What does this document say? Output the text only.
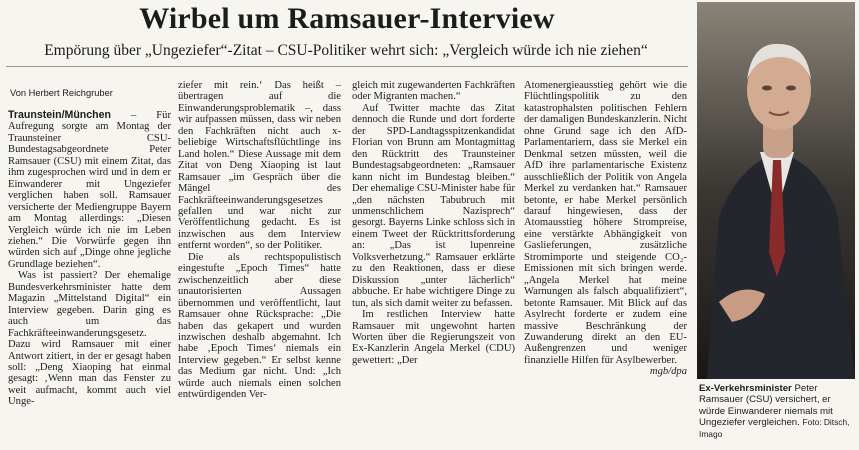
Wirbel um Ramsauer-Interview

Empörung über „Ungeziefer“-Zitat – CSU-Politiker wehrt sich: „Vergleich würde ich nie ziehen“

Von Herbert Reichgruber

Traunstein/München – Für Aufregung sorgte am Montag der Traunsteiner CSU-Bundestagsabgeordnete Peter Ramsauer (CSU) mit einem Zitat, das ihm zugesprochen wird und in dem er Einwanderer mit Ungeziefer verglichen haben soll. Ramsauer versicherte der Mediengruppe Bayern am Montag allerdings: „Diesen Vergleich würde ich nie im Leben ziehen.“ Die Vorwürfe gegen ihn würden sich auf „Dinge ohne jegliche Grundlage beziehen“.

Was ist passiert? Der ehemalige Bundesverkehrsminister hatte dem Magazin „Mittelstand Digital“ ein Interview gegeben. Darin ging es auch um das Fachkräfteeinwanderungsgesetz. Dazu wird Ramsauer mit einer Antwort zitiert, in der er gesagt haben soll: „Deng Xiaoping hat einmal gesagt: ‚Wenn man das Fenster zu weit aufmacht, kommt auch viel Unge-

ziefer mit rein.‘ Das heißt – übertragen auf die Einwanderungsproblematik –, dass wir aufpassen müssen, dass wir neben den Fachkräften nicht auch x-beliebige Wirtschaftsflüchtlinge ins Land holen.“ Diese Aussage mit dem Zitat von Deng Xiaoping ist laut Ramsauer „im Gespräch über die Mängel des Fachkräfteeinwanderungsgesetzes gefallen und war nicht zur Veröffentlichung gedacht. Es ist inzwischen aus dem Interview entfernt worden“, so der Politiker.

Die als rechtspopulistisch eingestufte „Epoch Times“ hatte zwischenzeitlich aber diese unautorisierten Aussagen übernommen und veröffentlicht, laut Ramsauer ohne Rücksprache: „Die haben das gekapert und wurden inzwischen deshalb abgemahnt. Ich habe ‚Epoch Times‘ niemals ein Interview gegeben.“ Er selbst kenne das Medium gar nicht. Und: „Ich würde auch niemals einen solchen entwürdigenden Ver-

gleich mit zugewanderten Fachkräften oder Migranten machen.“

Auf Twitter machte das Zitat dennoch die Runde und dort forderte der SPD-Landtagsspitzenkandidat Florian von Brunn am Montagmittag den Rücktritt des Traunsteiner Bundestagsabgeordneten: „Ramsauer kann nicht im Bundestag bleiben.“ Der ehemalige CSU-Minister habe für „den nächsten Tabubruch mit unmenschlichem Nazisprech“ gesorgt. Bayerns Linke schloss sich in einem Tweet der Rücktrittsforderung an: „Das ist lupenreine Volksverhetzung.“ Ramsauer erklärte zu den Reaktionen, dass er diese Diskussion „unter lächerlich“ abbuche. Er habe wichtigere Dinge zu tun, als sich damit weiter zu befassen.

Im restlichen Interview hatte Ramsauer mit ungewohnt harten Worten über die Regierungszeit von Ex-Kanzlerin Angela Merkel (CDU) gewettert: „Der

Atomenergieausstieg gehört wie die Flüchtlingspolitik zu den katastrophalsten politischen Fehlern der damaligen Bundeskanzlerin. Nicht ohne Grund sage ich den AfD-Parlamentariern, dass sie Merkel ein Denkmal setzen müssten, weil die AfD ihre parlamentarische Existenz ausschließlich der Politik von Angela Merkel zu verdanken hat.“ Ramsauer betonte, er habe Merkel persönlich darauf hingewiesen, dass der Atomausstieg höhere Strompreise, eine verstärkte Abhängigkeit von Gaslieferungen, zusätzliche Stromimporte und steigende CO₂-Emissionen mit sich bringen werde. „Angela Merkel hat meine Warnungen als falsch abqualifiziert“, betonte Ramsauer. Mit Blick auf das Asylrecht forderte er zudem eine massive Beschränkung der Zuwanderung direkt an den EU-Außengrenzen und weniger finanzielle Hilfen für Asylbewerber.

mgb/dpa

Ex-Verkehrsminister Peter Ramsauer (CSU) versichert, er würde Einwanderer niemals mit Ungeziefer vergleichen. Foto: Ditsch, Imago
